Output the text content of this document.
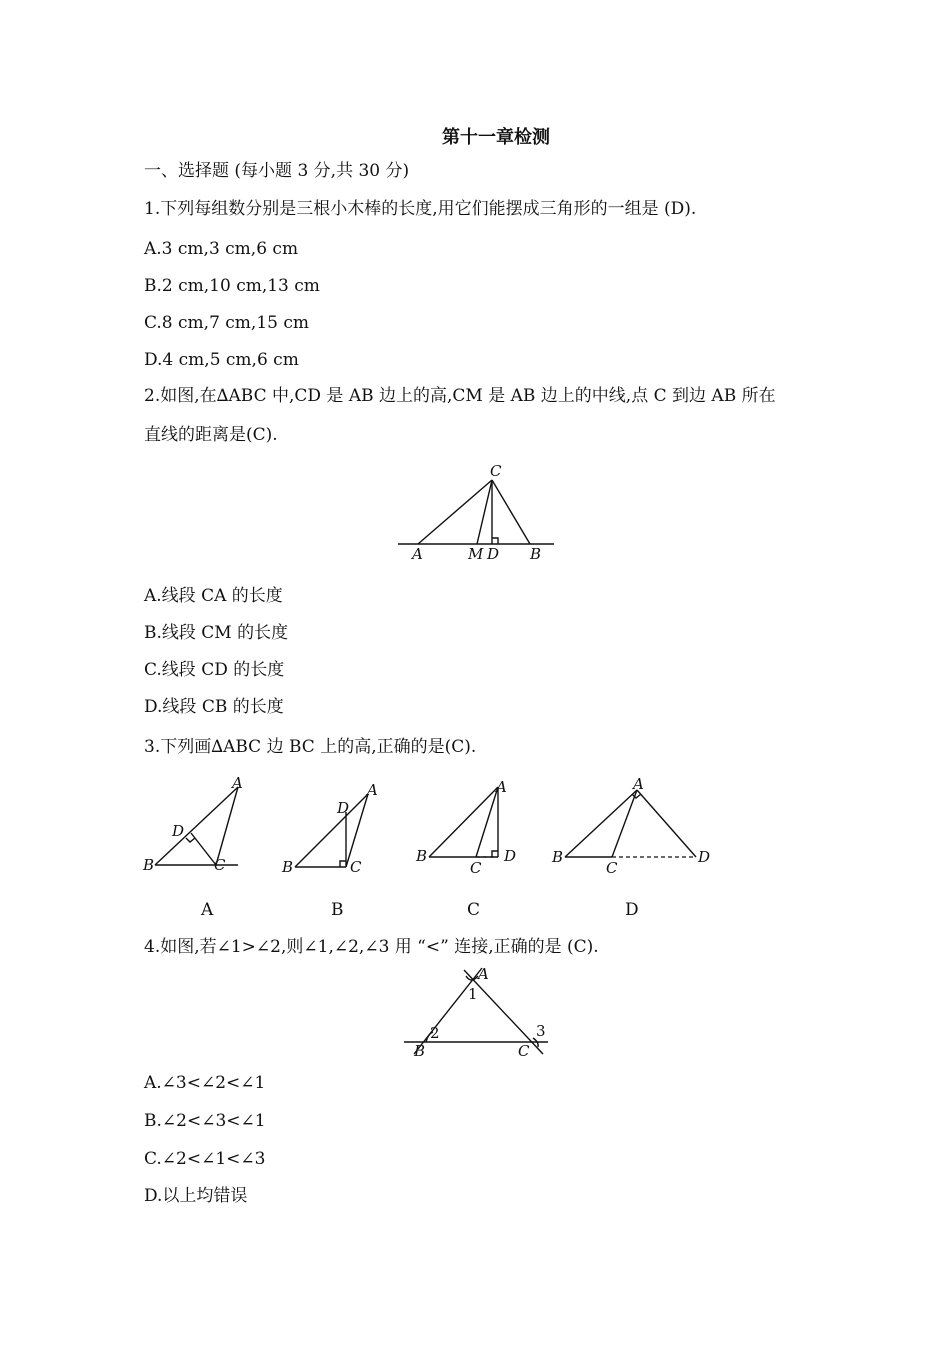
第十一章检测
一、选择题 (每小题 3 分,共 30 分)
1.下列每组数分别是三根小木棒的长度,用它们能摆成三角形的一组是 (D).
A.3 cm,3 cm,6 cm
B.2 cm,10 cm,13 cm
C.8 cm,7 cm,15 cm
D.4 cm,5 cm,6 cm
2.如图,在∆ABC 中,CD 是 AB 边上的高,CM 是 AB 边上的中线,点 C 到边 AB 所在
直线的距离是(C).
C
A	M D B
A.线段 CA 的长度
B.线段 CM 的长度
C.线段 CD 的长度
D.线段 CB 的长度
3.下列画∆ABC 边 BC 上的高,正确的是(C).
A
D
B	C
A
D
B	C
A
B
C
D
A
B
C
D
A	B	C	D
4.如图,若∠1>∠2,则∠1,∠2,∠3 用 “<” 连接,正确的是 (C).
A
1
2	3
B	C
A.∠3<∠2<∠1
B.∠2<∠3<∠1
C.∠2<∠1<∠3
D.以上均错误
